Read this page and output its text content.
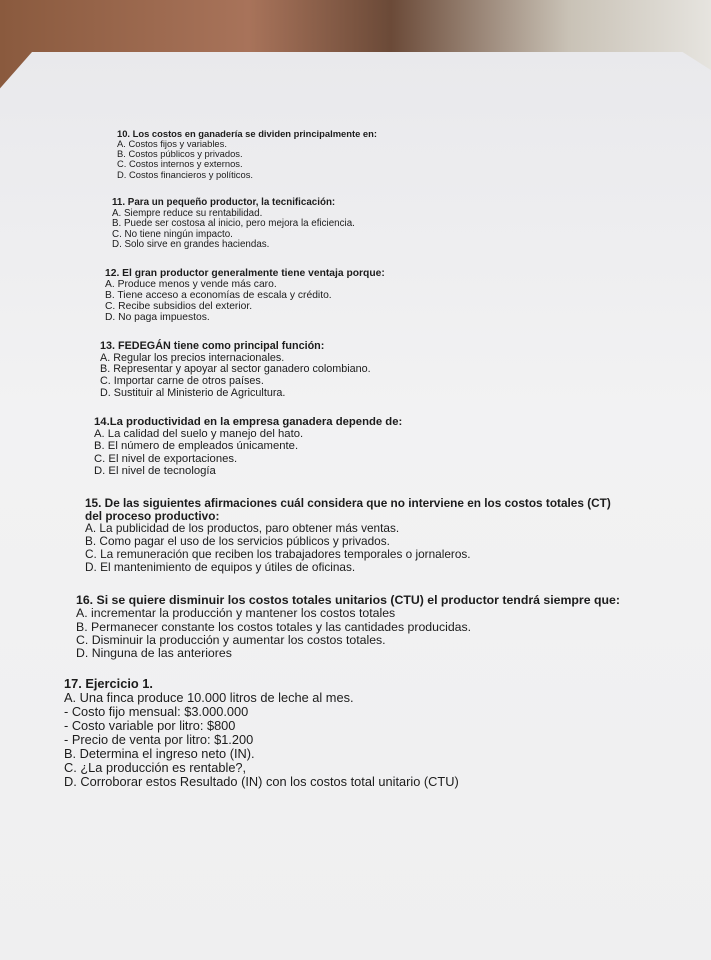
10. Los costos en ganadería se dividen principalmente en:
A. Costos fijos y variables.
B. Costos públicos y privados.
C. Costos internos y externos.
D. Costos financieros y políticos.
11. Para un pequeño productor, la tecnificación:
A. Siempre reduce su rentabilidad.
B. Puede ser costosa al inicio, pero mejora la eficiencia.
C. No tiene ningún impacto.
D. Solo sirve en grandes haciendas.
12. El gran productor generalmente tiene ventaja porque:
A. Produce menos y vende más caro.
B. Tiene acceso a economías de escala y crédito.
C. Recibe subsidios del exterior.
D. No paga impuestos.
13. FEDEGÁN tiene como principal función:
A. Regular los precios internacionales.
B. Representar y apoyar al sector ganadero colombiano.
C. Importar carne de otros países.
D. Sustituir al Ministerio de Agricultura.
14.La productividad en la empresa ganadera depende de:
A. La calidad del suelo y manejo del hato.
B. El número de empleados únicamente.
C. El nivel de exportaciones.
D. El nivel de tecnología
15. De las siguientes afirmaciones cuál considera que no interviene en los costos totales (CT)
del proceso productivo:
A. La publicidad de los productos, paro obtener más ventas.
B. Como pagar el uso de los servicios públicos y privados.
C. La remuneración que reciben los trabajadores temporales o jornaleros.
D. El mantenimiento de equipos y útiles de oficinas.
16. Si se quiere disminuir los costos totales unitarios (CTU) el productor tendrá siempre que:
A. incrementar la producción y mantener los costos totales
B. Permanecer constante los costos totales y las cantidades producidas.
C. Disminuir la producción y aumentar los costos totales.
D. Ninguna de las anteriores
17. Ejercicio 1.
A. Una finca produce 10.000 litros de leche al mes.
- Costo fijo mensual: $3.000.000
- Costo variable por litro: $800
- Precio de venta por litro: $1.200
B. Determina el ingreso neto (IN).
C. ¿La producción es rentable?,
D. Corroborar estos Resultado (IN) con los costos total unitario (CTU)
